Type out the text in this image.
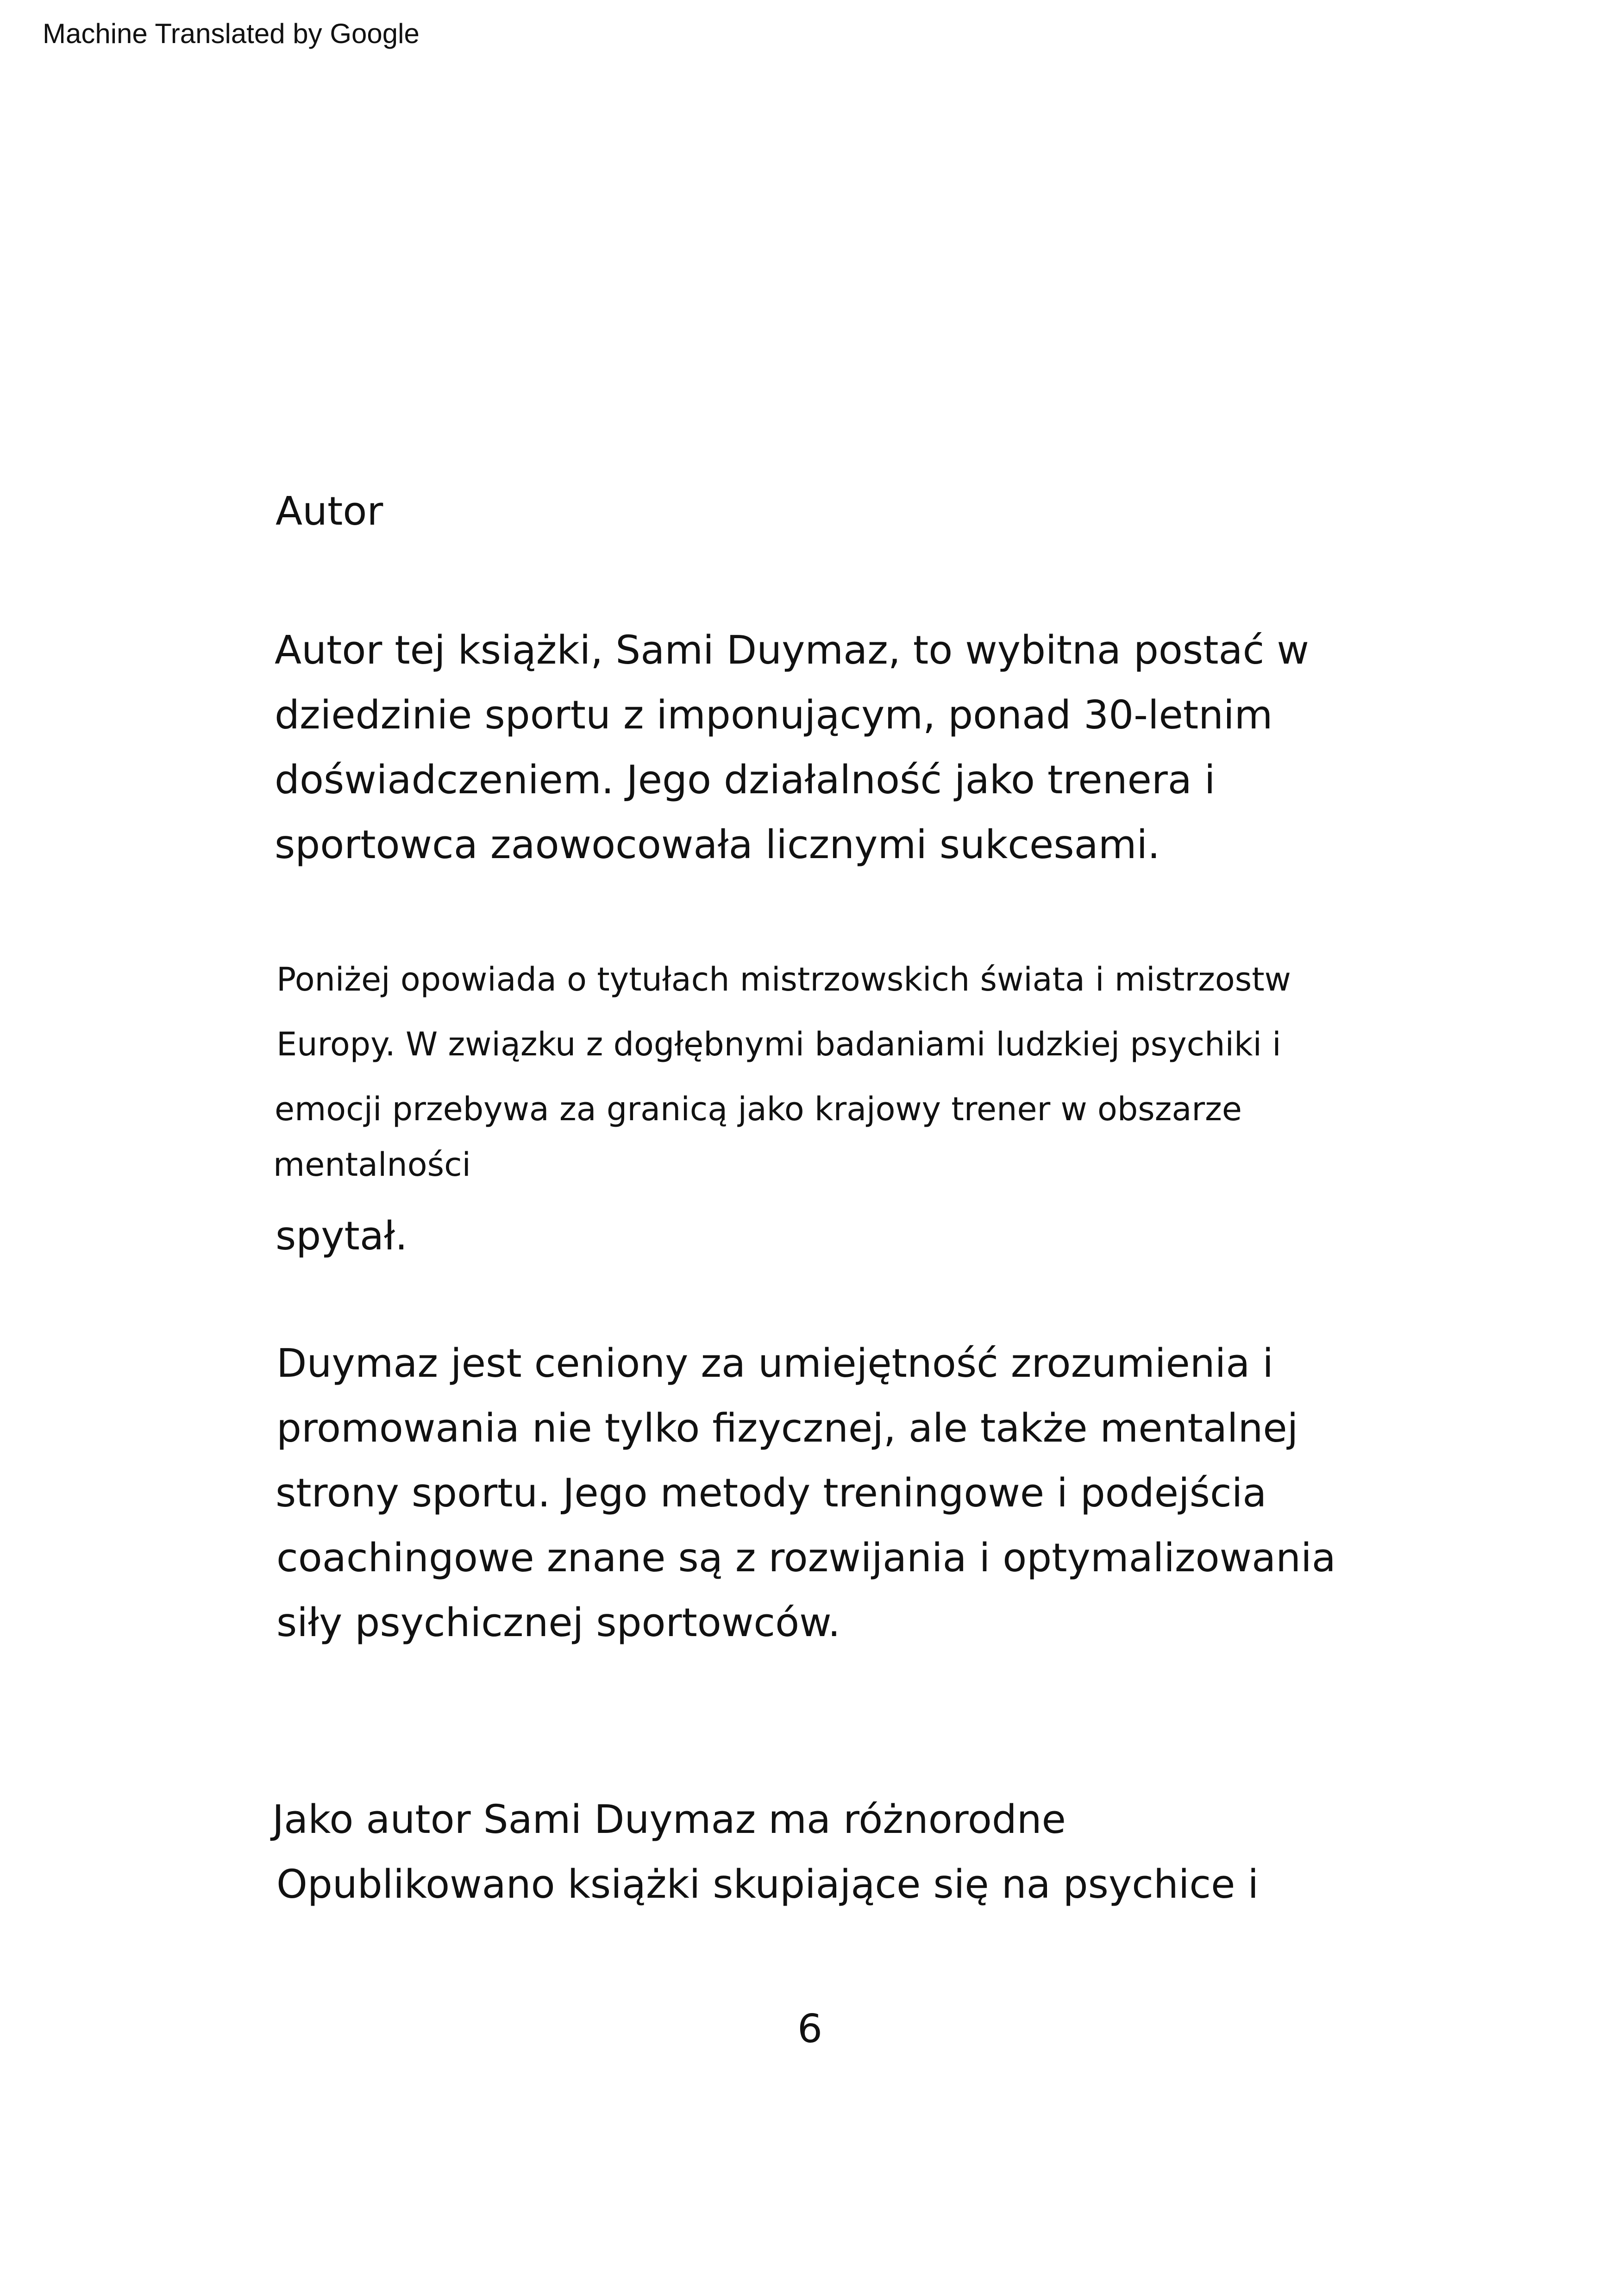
Machine Translated by Google
Autor
Autor tej książki, Sami Duymaz, to wybitna postać w
dziedzinie sportu z imponującym, ponad 30-letnim
doświadczeniem. Jego działalność jako trenera i
sportowca zaowocowała licznymi sukcesami.
Poniżej opowiada o tytułach mistrzowskich świata i mistrzostw
Europy. W związku z dogłębnymi badaniami ludzkiej psychiki i
emocji przebywa za granicą jako krajowy trener w obszarze
mentalności
spytał.
Duymaz jest ceniony za umiejętność zrozumienia i
promowania nie tylko fizycznej, ale także mentalnej
strony sportu. Jego metody treningowe i podejścia
coachingowe znane są z rozwijania i optymalizowania
siły psychicznej sportowców.
Jako autor Sami Duymaz ma różnorodne
Opublikowano książki skupiające się na psychice i
6
